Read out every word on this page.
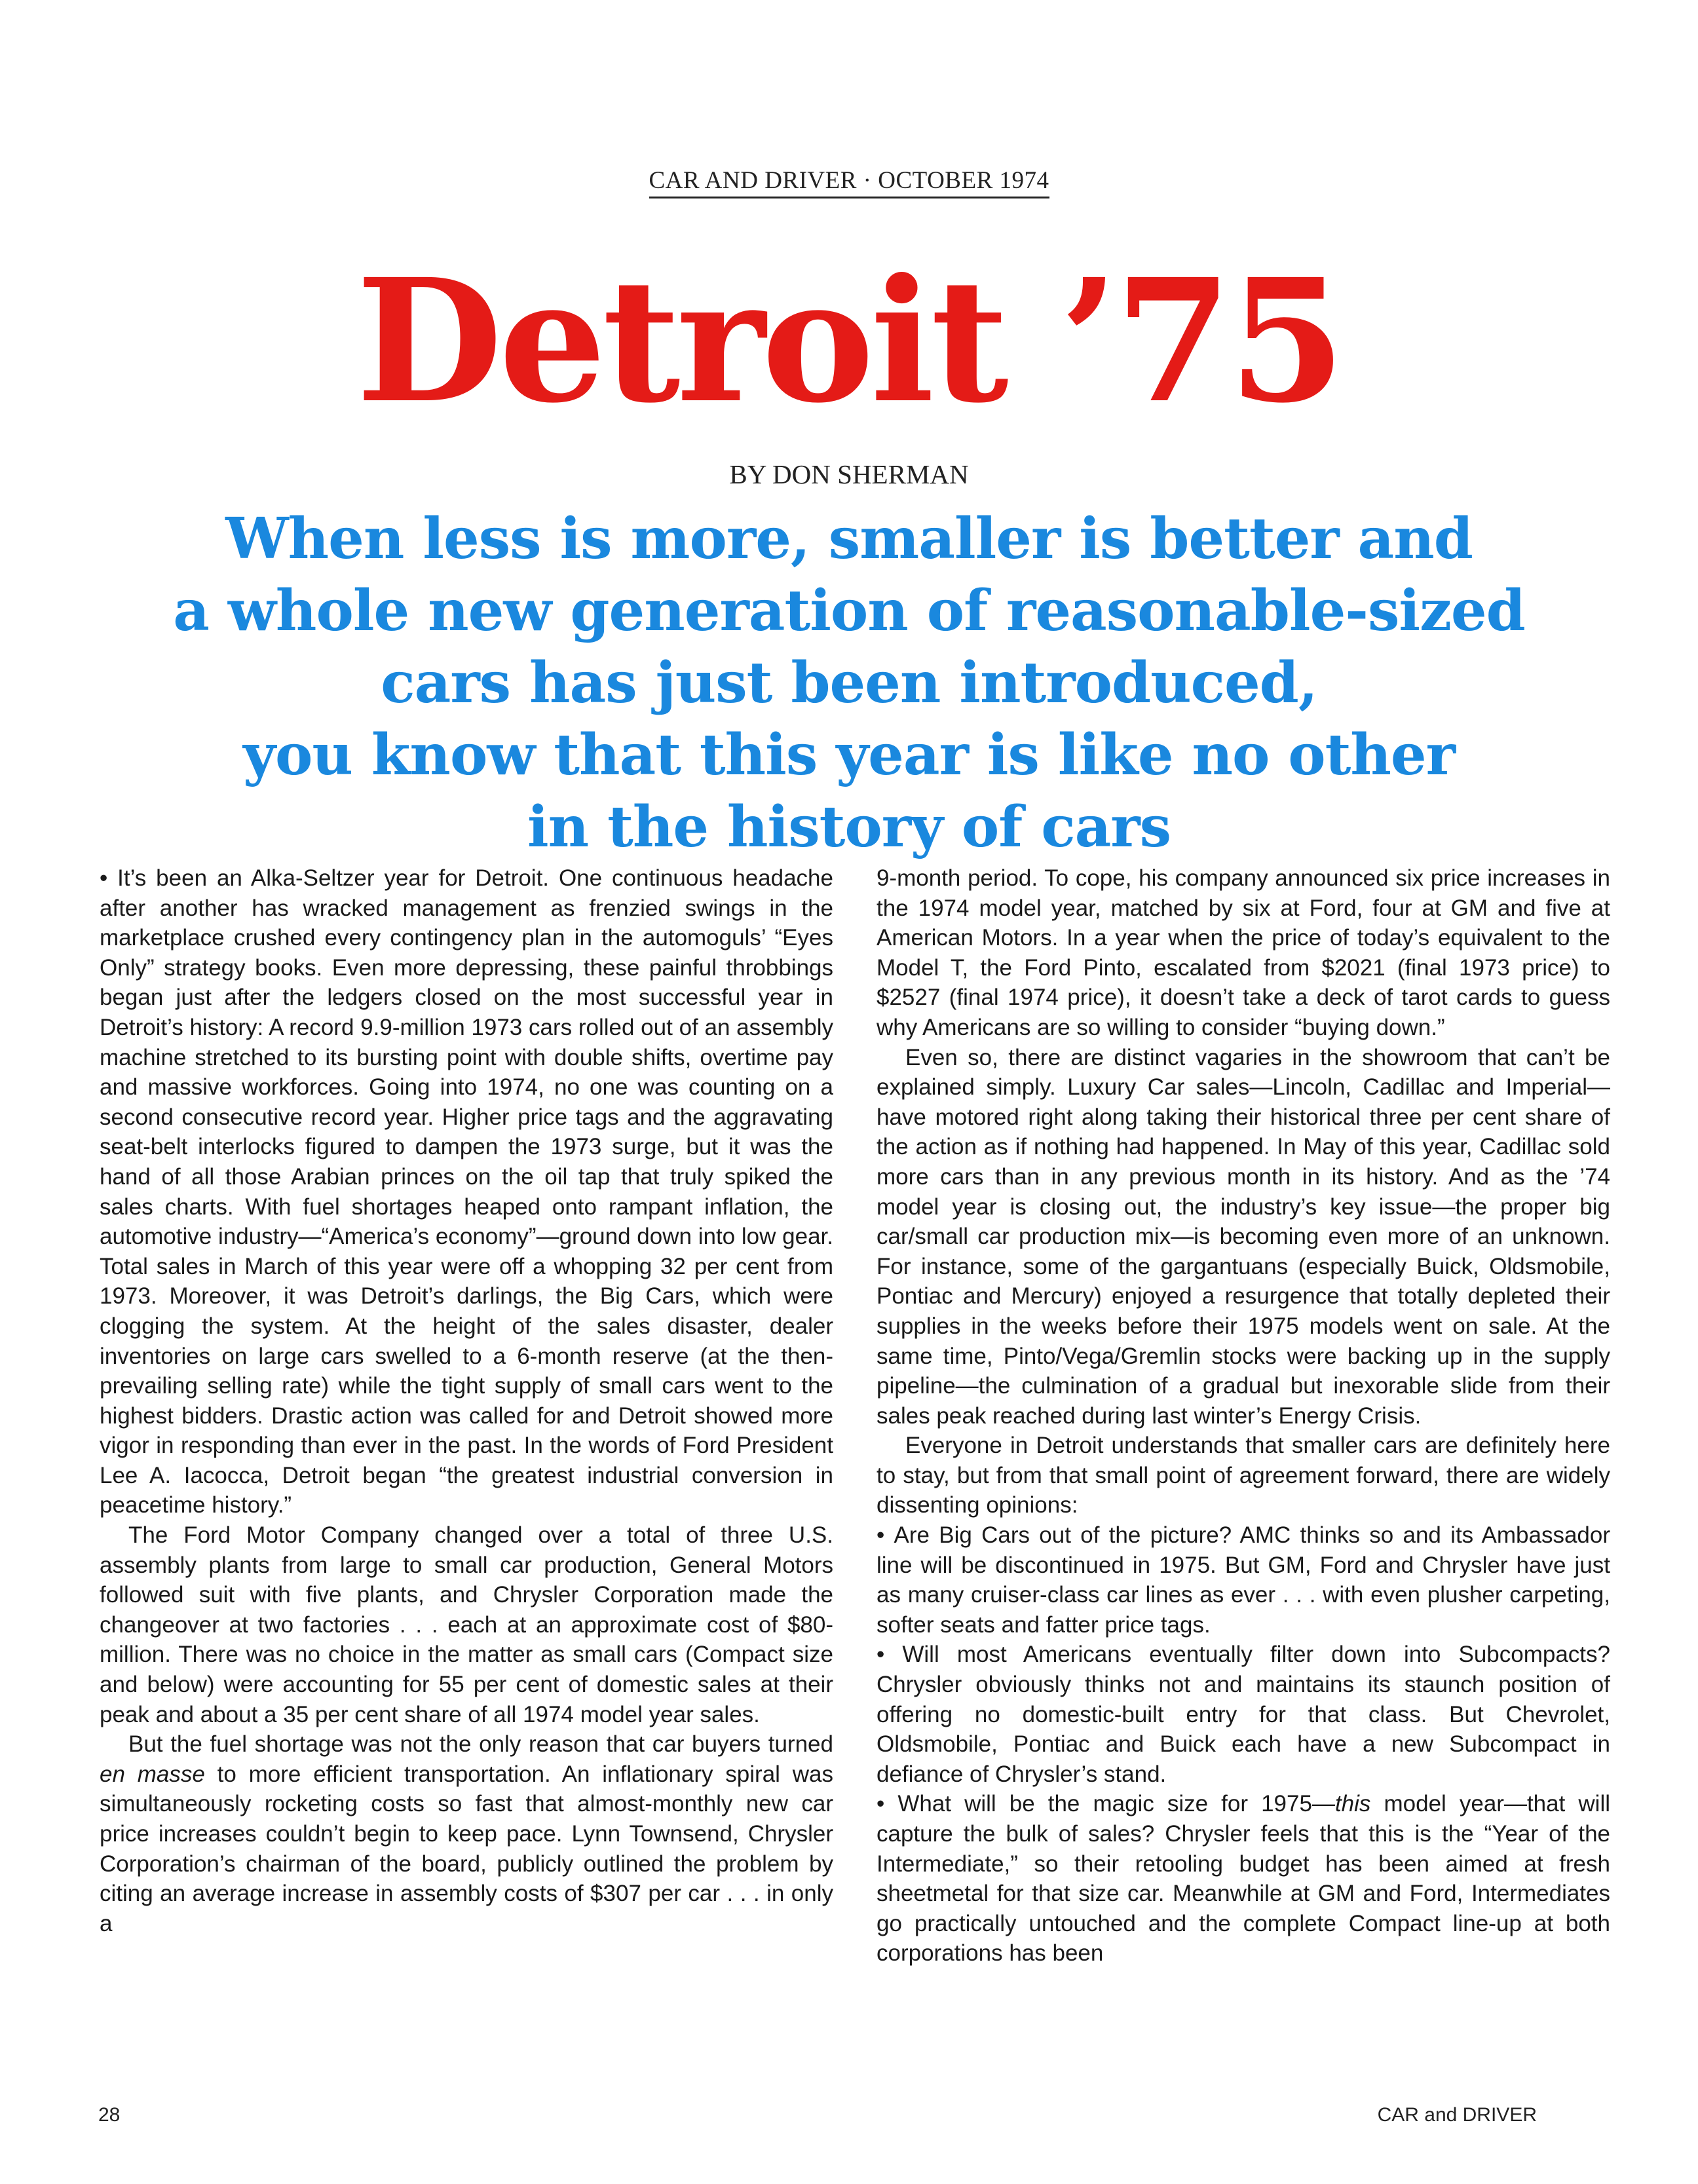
CAR AND DRIVER · OCTOBER 1974
Detroit ’75
BY DON SHERMAN
When less is more, smaller is better and
a whole new generation of reasonable-sized
cars has just been introduced,
you know that this year is like no other
in the history of cars

• It’s been an Alka-Seltzer year for Detroit. One continuous headache after another has wracked management as frenzied swings in the marketplace crushed every contingency plan in the automoguls’ “Eyes Only” strategy books. Even more depressing, these painful throbbings began just after the ledgers closed on the most successful year in Detroit’s history: A record 9.9-million 1973 cars rolled out of an assembly machine stretched to its bursting point with double shifts, overtime pay and massive workforces. Going into 1974, no one was counting on a second consecutive record year. Higher price tags and the aggravating seat-belt interlocks figured to dampen the 1973 surge, but it was the hand of all those Arabian princes on the oil tap that truly spiked the sales charts. With fuel shortages heaped onto rampant inflation, the automotive industry—“America’s economy”—ground down into low gear. Total sales in March of this year were off a whopping 32 per cent from 1973. Moreover, it was Detroit’s darlings, the Big Cars, which were clogging the system. At the height of the sales disaster, dealer inventories on large cars swelled to a 6-month reserve (at the then-prevailing selling rate) while the tight supply of small cars went to the highest bidders. Drastic action was called for and Detroit showed more vigor in responding than ever in the past. In the words of Ford President Lee A. Iacocca, Detroit began “the greatest industrial conversion in peacetime history.”

The Ford Motor Company changed over a total of three U.S. assembly plants from large to small car production, General Motors followed suit with five plants, and Chrysler Corporation made the changeover at two factories . . . each at an approximate cost of $80-million. There was no choice in the matter as small cars (Compact size and below) were accounting for 55 per cent of domestic sales at their peak and about a 35 per cent share of all 1974 model year sales.

But the fuel shortage was not the only reason that car buyers turned en masse to more efficient transportation. An inflationary spiral was simultaneously rocketing costs so fast that almost-monthly new car price increases couldn’t begin to keep pace. Lynn Townsend, Chrysler Corporation’s chairman of the board, publicly outlined the problem by citing an average increase in assembly costs of $307 per car . . . in only a

9-month period. To cope, his company announced six price increases in the 1974 model year, matched by six at Ford, four at GM and five at American Motors. In a year when the price of today’s equivalent to the Model T, the Ford Pinto, escalated from $2021 (final 1973 price) to $2527 (final 1974 price), it doesn’t take a deck of tarot cards to guess why Americans are so willing to consider “buying down.”

Even so, there are distinct vagaries in the showroom that can’t be explained simply. Luxury Car sales—Lincoln, Cadillac and Imperial—have motored right along taking their historical three per cent share of the action as if nothing had happened. In May of this year, Cadillac sold more cars than in any previous month in its history. And as the ’74 model year is closing out, the industry’s key issue—the proper big car/small car production mix—is becoming even more of an unknown. For instance, some of the gargantuans (especially Buick, Oldsmobile, Pontiac and Mercury) enjoyed a resurgence that totally depleted their supplies in the weeks before their 1975 models went on sale. At the same time, Pinto/Vega/Gremlin stocks were backing up in the supply pipeline—the culmination of a gradual but inexorable slide from their sales peak reached during last winter’s Energy Crisis.

Everyone in Detroit understands that smaller cars are definitely here to stay, but from that small point of agreement forward, there are widely dissenting opinions:

• Are Big Cars out of the picture? AMC thinks so and its Ambassador line will be discontinued in 1975. But GM, Ford and Chrysler have just as many cruiser-class car lines as ever . . . with even plusher carpeting, softer seats and fatter price tags.

• Will most Americans eventually filter down into Subcompacts? Chrysler obviously thinks not and maintains its staunch position of offering no domestic-built entry for that class. But Chevrolet, Oldsmobile, Pontiac and Buick each have a new Subcompact in defiance of Chrysler’s stand.

• What will be the magic size for 1975—this model year—that will capture the bulk of sales? Chrysler feels that this is the “Year of the Intermediate,” so their retooling budget has been aimed at fresh sheetmetal for that size car. Meanwhile at GM and Ford, Intermediates go practically untouched and the complete Compact line-up at both corporations has been

28	CAR and DRIVER
